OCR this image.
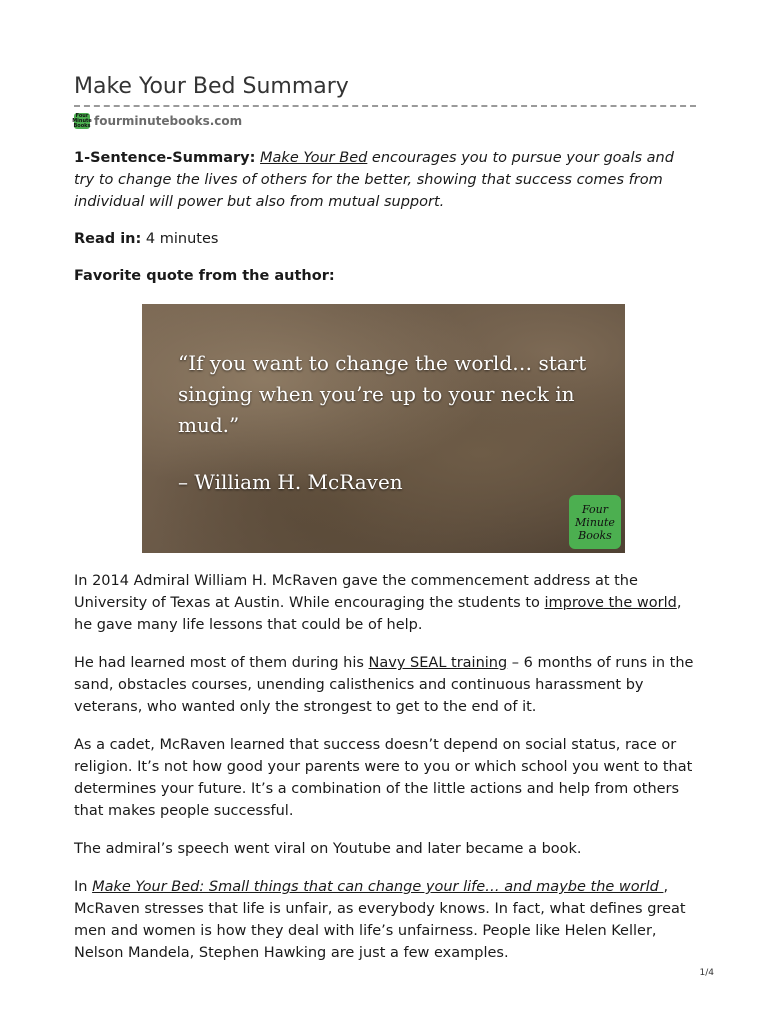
Make Your Bed Summary
Four Minute Books fourminutebooks.com

1-Sentence-Summary: Make Your Bed encourages you to pursue your goals and try to change the lives of others for the better, showing that success comes from individual will power but also from mutual support.

Read in: 4 minutes

Favorite quote from the author:

“If you want to change the world… start singing when you’re up to your neck in mud.”
– William H. McRaven
Four
Minute
Books

In 2014 Admiral William H. McRaven gave the commencement address at the University of Texas at Austin. While encouraging the students to improve the world, he gave many life lessons that could be of help.

He had learned most of them during his Navy SEAL training – 6 months of runs in the sand, obstacles courses, unending calisthenics and continuous harassment by veterans, who wanted only the strongest to get to the end of it.

As a cadet, McRaven learned that success doesn’t depend on social status, race or religion. It’s not how good your parents were to you or which school you went to that determines your future. It’s a combination of the little actions and help from others that makes people successful.

The admiral’s speech went viral on Youtube and later became a book.

In Make Your Bed: Small things that can change your life… and maybe the world , McRaven stresses that life is unfair, as everybody knows. In fact, what defines great men and women is how they deal with life’s unfairness. People like Helen Keller, Nelson Mandela, Stephen Hawking are just a few examples.

1/4
